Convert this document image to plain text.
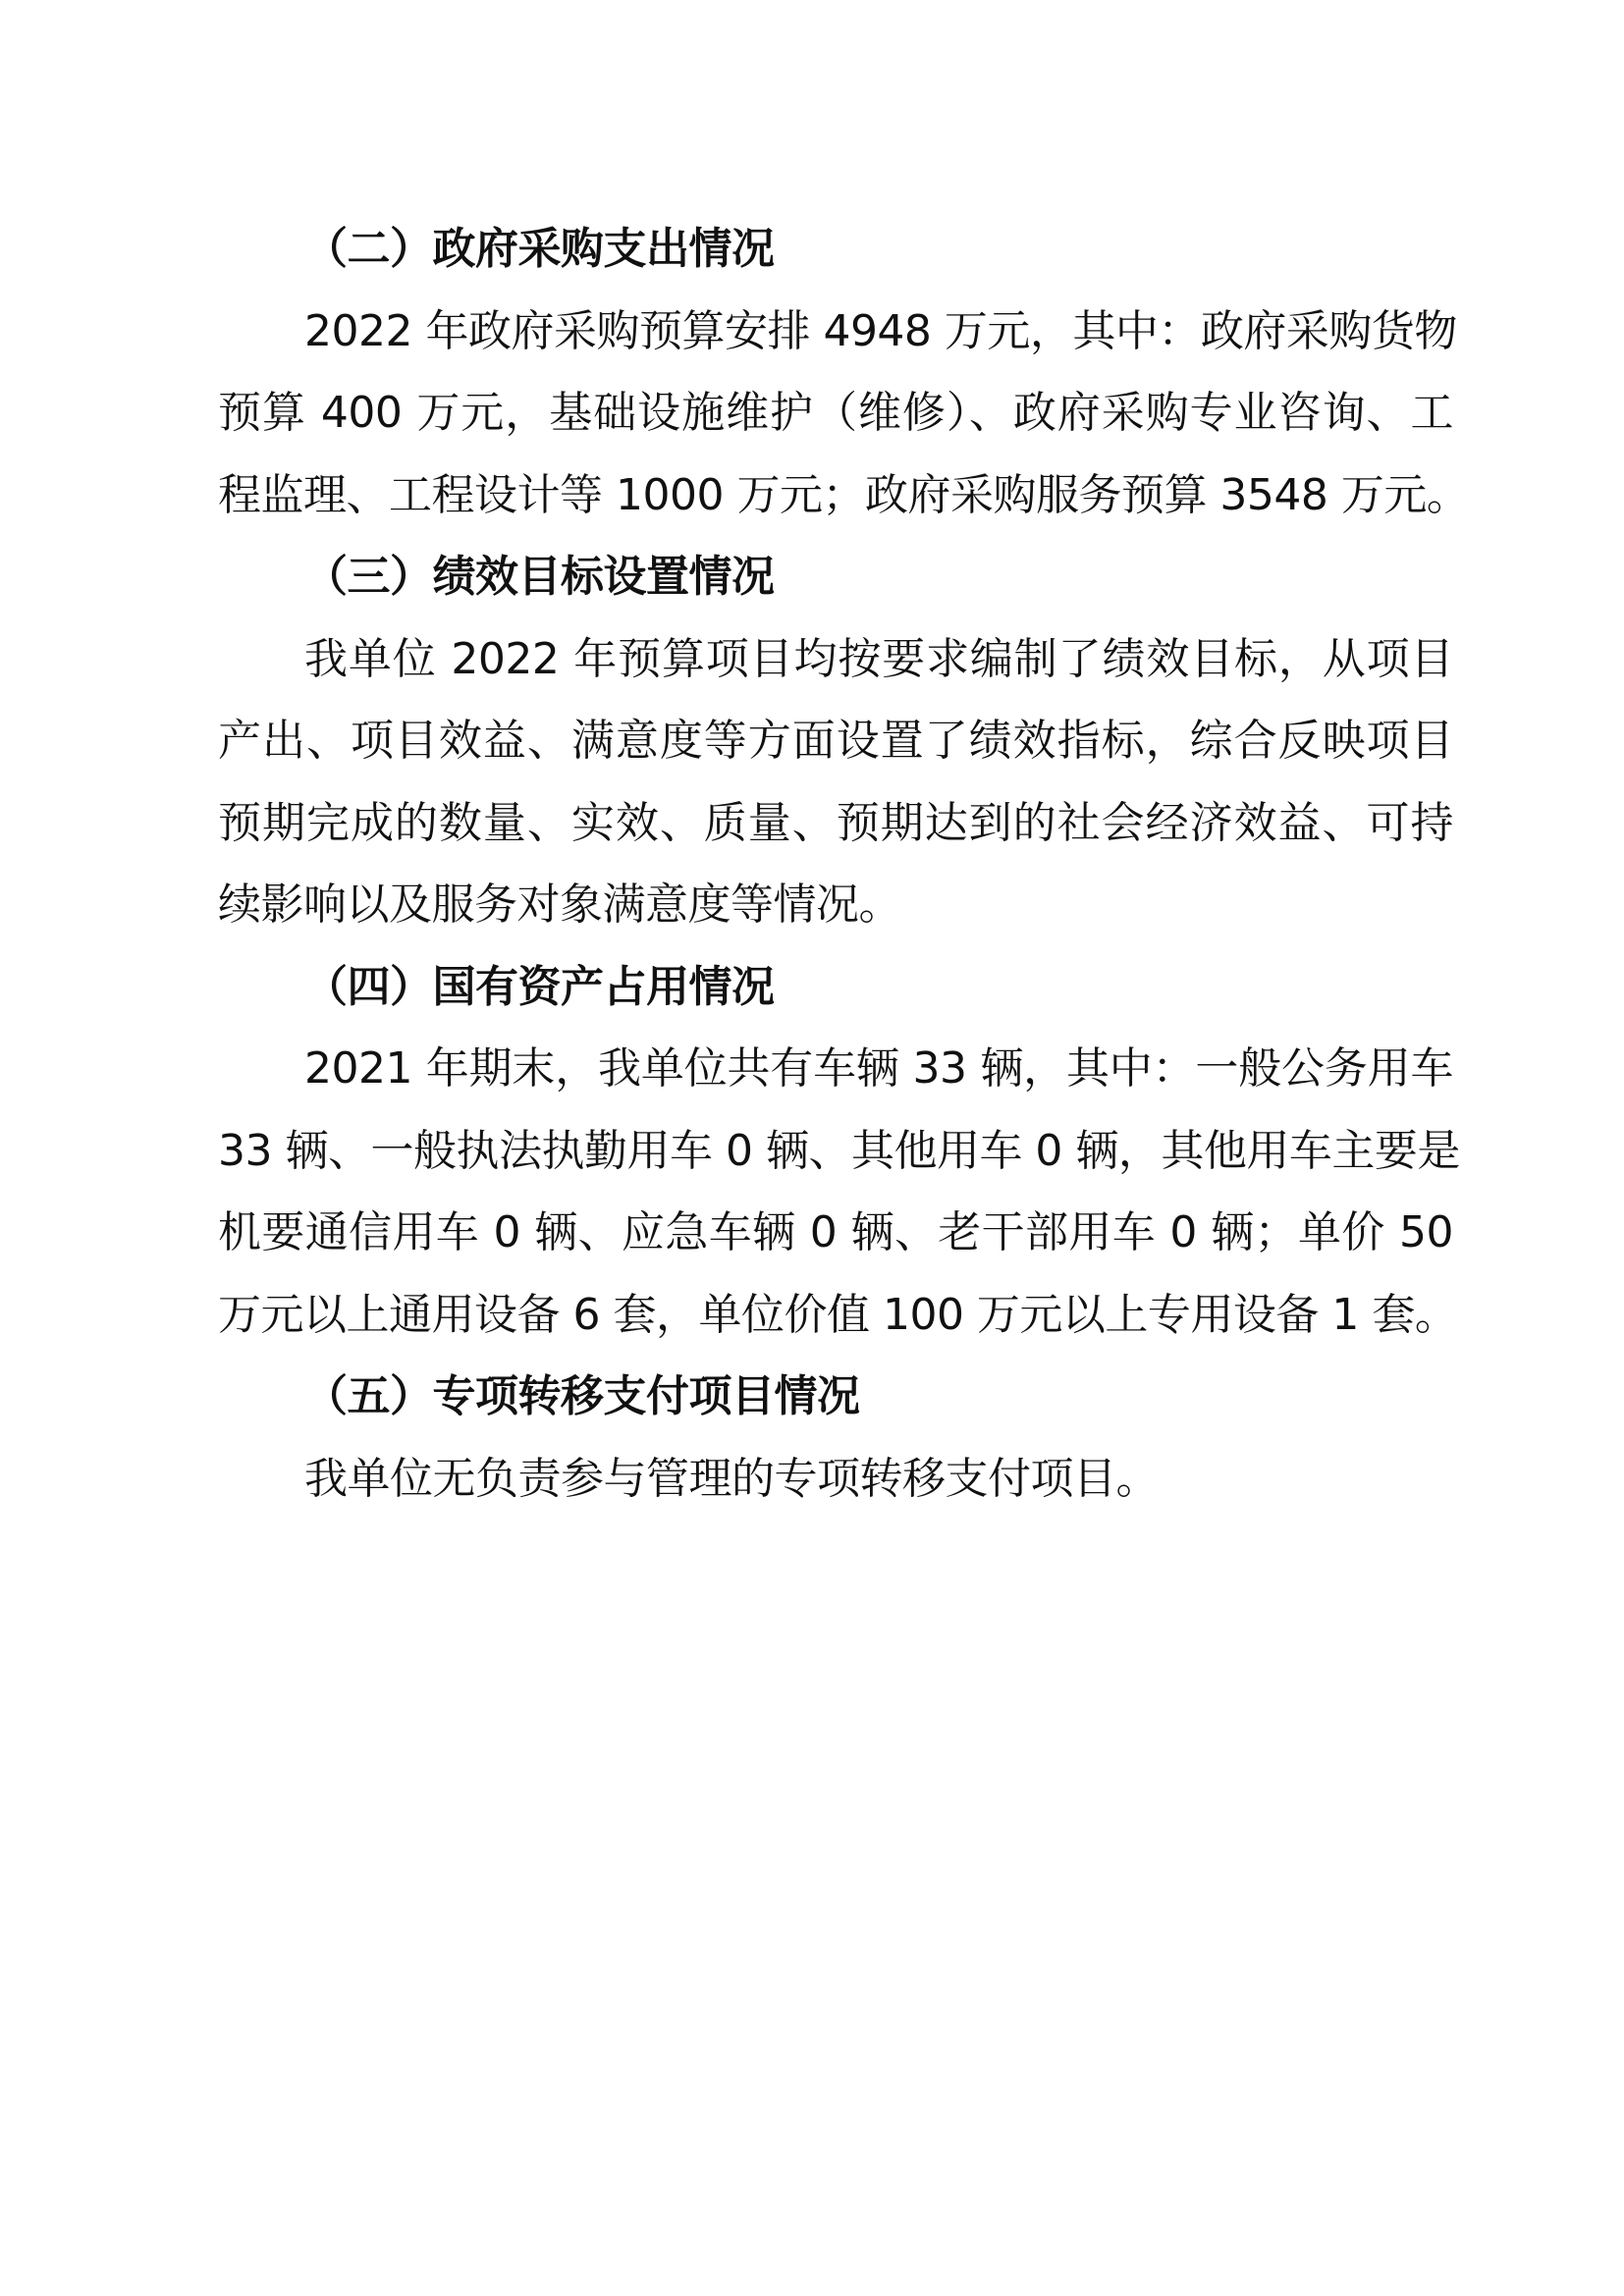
（二）政府采购支出情况
2022 年政府采购预算安排 4948 万元，其中：政府采购货物
预算 400 万元，基础设施维护（维修）、政府采购专业咨询、工
程监理、工程设计等 1000 万元；政府采购服务预算 3548 万元。
（三）绩效目标设置情况
我单位 2022 年预算项目均按要求编制了绩效目标，从项目
产出、项目效益、满意度等方面设置了绩效指标，综合反映项目
预期完成的数量、实效、质量、预期达到的社会经济效益、可持
续影响以及服务对象满意度等情况。
（四）国有资产占用情况
2021 年期末，我单位共有车辆 33 辆，其中：一般公务用车
33 辆、一般执法执勤用车 0 辆、其他用车 0 辆，其他用车主要是
机要通信用车 0 辆、应急车辆 0 辆、老干部用车 0 辆；单价 50
万元以上通用设备 6 套，单位价值 100 万元以上专用设备 1 套。
（五）专项转移支付项目情况
我单位无负责参与管理的专项转移支付项目。
